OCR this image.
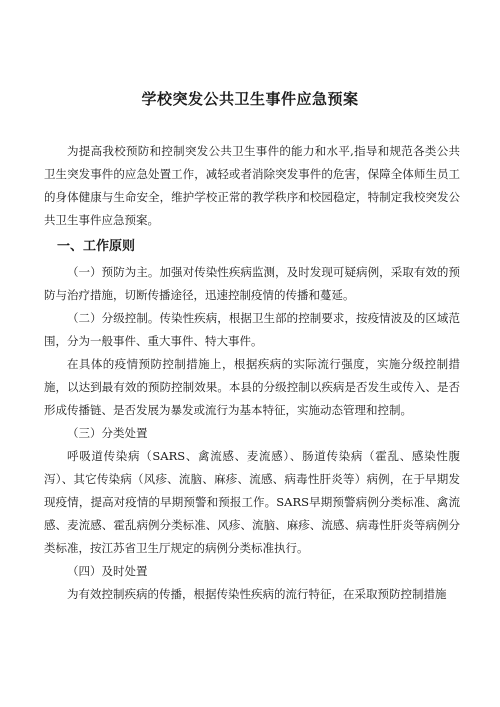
学校突发公共卫生事件应急预案

为提高我校预防和控制突发公共卫生事件的能力和水平,指导和规范各类公共卫生突发事件的应急处置工作，减轻或者消除突发事件的危害，保障全体师生员工的身体健康与生命安全，维护学校正常的教学秩序和校园稳定，特制定我校突发公共卫生事件应急预案。

一、工作原则

（一）预防为主。加强对传染性疾病监测，及时发现可疑病例，采取有效的预防与治疗措施，切断传播途径，迅速控制疫情的传播和蔓延。

（二）分级控制。传染性疾病，根据卫生部的控制要求，按疫情波及的区域范围，分为一般事件、重大事件、特大事件。

在具体的疫情预防控制措施上，根据疾病的实际流行强度，实施分级控制措施，以达到最有效的预防控制效果。本县的分级控制以疾病是否发生或传入、是否形成传播链、是否发展为暴发或流行为基本特征，实施动态管理和控制。

（三）分类处置

呼吸道传染病（SARS、禽流感、麦流感）、肠道传染病（霍乱、感染性腹泻）、其它传染病（风疹、流脑、麻疹、流感、病毒性肝炎等）病例，在于早期发现疫情，提高对疫情的早期预警和预报工作。SARS早期预警病例分类标准、禽流感、麦流感、霍乱病例分类标准、风疹、流脑、麻疹、流感、病毒性肝炎等病例分类标准，按江苏省卫生厅规定的病例分类标准执行。

（四）及时处置

为有效控制疾病的传播，根据传染性疾病的流行特征，在采取预防控制措施
